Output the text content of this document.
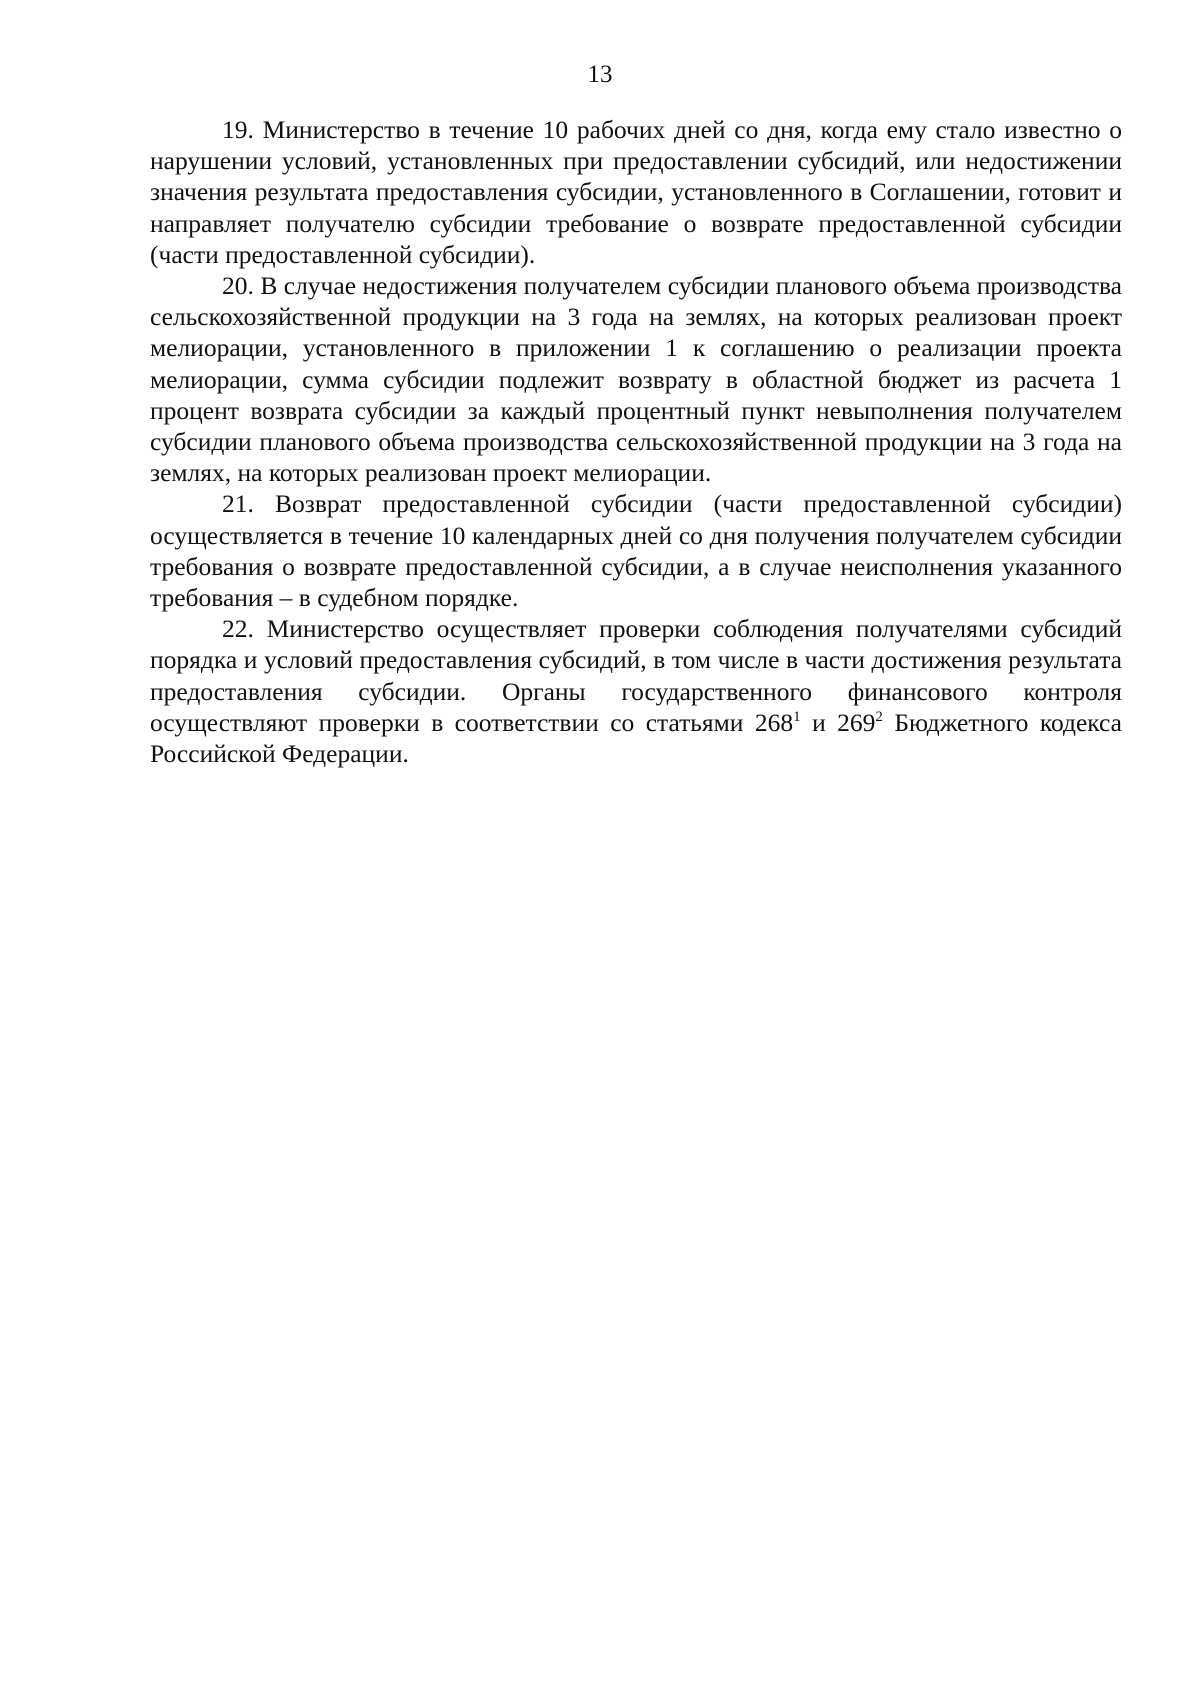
13

19. Министерство в течение 10 рабочих дней со дня, когда ему стало известно о нарушении условий, установленных при предоставлении субсидий, или недостижении значения результата предоставления субсидии, установленного в Соглашении, готовит и направляет получателю субсидии требование о возврате предоставленной субсидии (части предоставленной субсидии).

20. В случае недостижения получателем субсидии планового объема производства сельскохозяйственной продукции на 3 года на землях, на которых реализован проект мелиорации, установленного в приложении 1 к соглашению о реализации проекта мелиорации, сумма субсидии подлежит возврату в областной бюджет из расчета 1 процент возврата субсидии за каждый процентный пункт невыполнения получателем субсидии планового объема производства сельскохозяйственной продукции на 3 года на землях, на которых реализован проект мелиорации.

21. Возврат предоставленной субсидии (части предоставленной субсидии) осуществляется в течение 10 календарных дней со дня получения получателем субсидии требования о возврате предоставленной субсидии, а в случае неисполнения указанного требования – в судебном порядке.

22. Министерство осуществляет проверки соблюдения получателями субсидий порядка и условий предоставления субсидий, в том числе в части достижения результата предоставления субсидии. Органы государственного финансового контроля осуществляют проверки в соответствии со статьями $268^1$ и $269^2$ Бюджетного кодекса Российской Федерации.
